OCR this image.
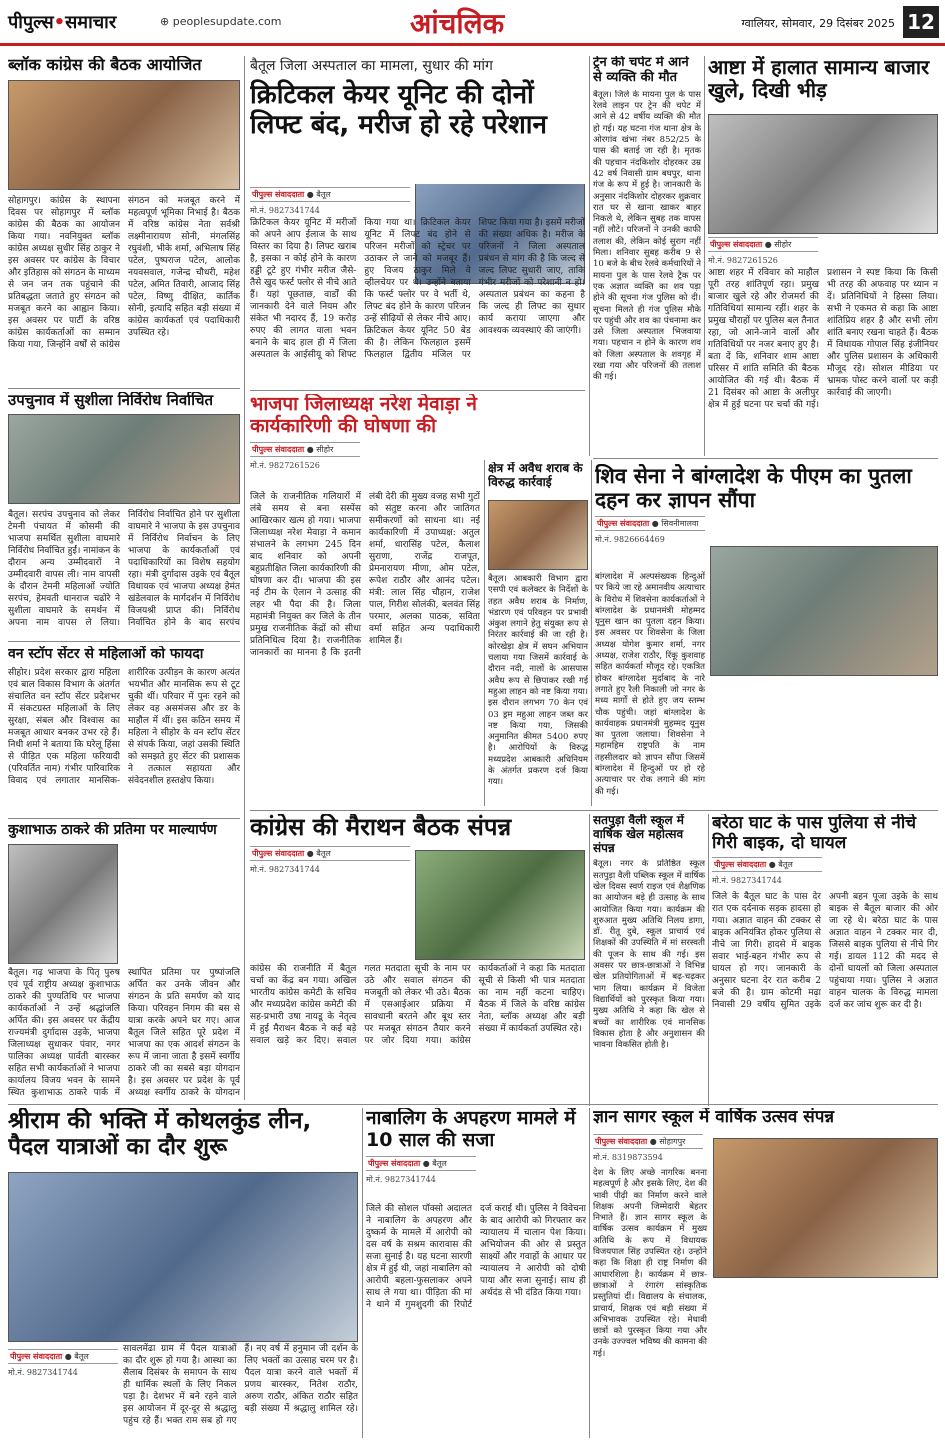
पीपुल्स•समाचार	⊕ peoplesupdate.com	आंचलिक	ग्वालियर, सोमवार, 29 दिसंबर 2025 12
ब्लॉक कांग्रेस की बैठक आयोजित
सोहागपुर। कांग्रेस के स्थापना दिवस पर सोहागपुर में ब्लॉक कांग्रेस की बैठक का आयोजन किया गया। नवनियुक्त ब्लॉक कांग्रेस अध्यक्ष सुधीर सिंह ठाकुर ने इस अवसर पर कांग्रेस के विचार और इतिहास को संगठन के माध्यम से जन जन तक पहुंचाने की प्रतिबद्धता जताते हुए संगठन को मजबूत करने का आह्वान किया। इस अवसर पर पार्टी के वरिष्ठ कांग्रेस कार्यकर्ताओं का सम्मान किया गया, जिन्होंने वर्षों से कांग्रेस संगठन को मजबूत करने में महत्वपूर्ण भूमिका निभाई है। बैठक में वरिष्ठ कांग्रेस नेता सर्वश्री लक्ष्मीनारायण सोनी, मंगलसिंह रघुवंशी, भीके शर्मा, अभिलाष सिंह पटेल, पुष्पराज पटेल, आलोक नयवसवाल, गजेन्द्र चौधरी, महेश पटेल, अमित तिवारी, आजाद सिंह पटेल, विष्णु दीक्षित, कार्तिक सोनी, इत्यादि सहित बड़ी संख्या में कांग्रेस कार्यकर्ता एवं पदाधिकारी उपस्थित रहे।
उपचुनाव में सुशीला निर्विरोध निर्वाचित
बैतूल। सरपंच उपचुनाव को लेकर टेमनी पंचायत में कोसमी की भाजपा समर्थित सुशीला वाघमारे निर्विरोध निर्वाचित हुईं। नामांकन के दौरान अन्य उम्मीदवारों ने उम्मीदवारी वापस ली। नाम वापसी के दौरान टेमनी महिलाओं ज्योति सरपंच, हेमवती धानराज चढोरे ने सुशीला वाघमारे के समर्थन में अपना नाम वापस ले लिया। निर्विरोध निर्वाचित होने पर सुशीला वाघमारे ने भाजपा के इस उपचुनाव में निर्विरोध निर्वाचन के लिए भाजपा के कार्यकर्ताओं एवं पदाधिकारियों का विशेष सहयोग रहा। मंत्री दुर्गादास उइके एवं बैतूल विधायक एवं भाजपा अध्यक्ष हेमंत खंडेलवाल के मार्गदर्शन में निर्विरोध विजयश्री प्राप्त की। निर्विरोध निर्वाचित होने के बाद सरपंच
वन स्टॉप सेंटर से महिलाओं को फायदा
सीहोर। प्रदेश सरकार द्वारा महिला एवं बाल विकास विभाग के अंतर्गत संचालित वन स्टॉप सेंटर प्रदेशभर में संकटग्रस्त महिलाओं के लिए सुरक्षा, संबल और विश्वास का मजबूत आधार बनकर उभर रहे हैं। निधी शर्मा ने बताया कि घरेलू हिंसा से पीड़ित एक महिला फरियादी (परिवर्तित नाम) गंभीर पारिवारिक विवाद एवं लगातार मानसिक-शारीरिक उत्पीड़न के कारण अत्यंत भयभीत और मानसिक रूप से टूट चुकी थीं। परिवार में पुनः रहने को लेकर वह असमंजस और डर के माहौल में थीं। इस कठिन समय में महिला ने सीहोर के वन स्टॉप सेंटर से संपर्क किया, जहां उसकी स्थिति को समझते हुए सेंटर की प्रशासक ने तत्काल सहायता और संवेदनशील हस्तक्षेप किया।
कुशाभाऊ ठाकरे की प्रतिमा पर माल्यार्पण
बैतूल। गढ़ भाजपा के पितृ पुरुष एवं पूर्व राष्ट्रीय अध्यक्ष कुशाभाऊ ठाकरे की पुण्यतिथि पर भाजपा कार्यकर्ताओं ने उन्हें श्रद्धांजलि अर्पित की। इस अवसर पर केंद्रीय राज्यमंत्री दुर्गादास उइके, भाजपा जिलाध्यक्ष सुधाकर पंवार, नगर पालिका अध्यक्ष पार्वती बारस्कर सहित सभी कार्यकर्ताओं ने भाजपा कार्यालय विजय भवन के सामने स्थित कुशाभाऊ ठाकरे पार्क में स्थापित प्रतिमा पर पुष्पांजलि अर्पित कर उनके जीवन और संगठन के प्रति समर्पण को याद किया। परिवहन निगम की बस से यात्रा करके अपने घर गए। आज बैतूल जिले सहित पूरे प्रदेश में भाजपा का एक आदर्श संगठन के रूप में जाना जाता है इसमें स्वर्गीय ठाकरे जी का सबसे बड़ा योगदान है। इस अवसर पर प्रदेश के पूर्व अध्यक्ष स्वर्गीय ठाकरे के योगदान
बैतूल जिला अस्पताल का मामला, सुधार की मांग
क्रिटिकल केयर यूनिट की दोनों लिफ्ट बंद, मरीज हो रहे परेशान
पीपुल्स संवाददाता ● बैतूल
मो.नं. 9827341744
क्रिटिकल केयर यूनिट में मरीजों को अपने आप ईलाज के साथ विस्तर का दिया है। लिफ्ट खराब है, इसका न कोई होने के कारण हड्डी टूटे हुए गंभीर मरीज जैसे-तैसे खुद फर्स्ट फ्लोर से नीचे आते हैं। यहां पूछताछ, वार्डों की जानकारी देने वाले नियम और संकेत भी नदारद हैं, 19 करोड़ रुपए की लागत वाला भवन बनाने के बाद हाल ही में जिला अस्पताल के आईसीयू को शिफ्ट किया गया था। क्रिटिकल केयर यूनिट में लिफ्ट बंद होने से परिजन मरीजों को स्ट्रेचर पर उठाकर ले जाने को मजबूर हैं। हुए विजय ठाकुर मिले वे व्हीलचेयर पर थे। उन्होंने बताया कि फर्स्ट फ्लोर पर वे भर्ती थे, लिफ्ट बंद होने के कारण परिजन उन्हें सीढ़ियों से लेकर नीचे आए। क्रिटिकल केयर यूनिट 50 बेड की है। लेकिन फिलहाल इसमें फिलहाल द्वितीय मंजिल पर शिफ्ट किया गया है। इसमें मरीजों की संख्या अधिक है। मरीज के परिजनों ने जिला अस्पताल प्रबंधन से मांग की है कि जल्द से जल्द लिफ्ट सुधारी जाए, ताकि गंभीर मरीजों को परेशानी न हो। अस्पताल प्रबंधन का कहना है कि जल्द ही लिफ्ट का सुधार कार्य कराया जाएगा और आवश्यक व्यवस्थाएं की जाएंगी।
ट्रेन की चपेट में आने से व्यक्ति की मौत
बैतूल। जिले के मायना पुल के पास रेलवे लाइन पर ट्रेन की चपेट में आने से 42 वर्षीय व्यक्ति की मौत हो गई। यह घटना गंज थाना क्षेत्र के ओरगांव खंभा नंबर 852/25 के पास की बताई जा रही है। मृतक की पहचान नंदकिशोर दोहरकर उम्र 42 वर्ष निवासी ग्राम बघपुर, थाना गंज के रूप में हुई है। जानकारी के अनुसार नंदकिशोर दोहरकर शुक्रवार रात घर से खाना खाकर बाहर निकले थे, लेकिन सुबह तक वापस नहीं लौटे। परिजनों ने उनकी काफी तलाश की, लेकिन कोई सुराग नहीं मिला। शनिवार सुबह करीब 9 से 10 बजे के बीच रेलवे कर्मचारियों ने मायना पुल के पास रेलवे ट्रैक पर एक अज्ञात व्यक्ति का शव पड़ा होने की सूचना गंज पुलिस को दी। सूचना मिलते ही गंज पुलिस मौके पर पहुंची और शव का पंचनामा कर उसे जिला अस्पताल भिजवाया गया। पहचान न होने के कारण शव को जिला अस्पताल के शवगृह में रखा गया और परिजनों की तलाश की गई।
आष्टा में हालात सामान्य बाजार खुले, दिखी भीड़
पीपुल्स संवाददाता ● सीहोर
मो.नं. 9827261526
आष्टा शहर में रविवार को माहौल पूरी तरह शांतिपूर्ण रहा। प्रमुख बाजार खुले रहे और रोजमर्रा की गतिविधियां सामान्य रहीं। शहर के प्रमुख चौराहों पर पुलिस बल तैनात रहा, जो आने-जाने वालों और गतिविधियों पर नजर बनाए हुए है। बता दें कि, शनिवार शाम आष्टा परिसर में शांति समिति की बैठक आयोजित की गई थी। बैठक में 21 दिसंबर को आष्टा के अलीपुर क्षेत्र में हुई घटना पर चर्चा की गई। प्रशासन ने स्पष्ट किया कि किसी भी तरह की अफवाह पर ध्यान न दें। प्रतिनिधियों ने हिस्सा लिया। सभी ने एकमत से कहा कि आष्टा शांतिप्रिय शहर है और सभी लोग शांति बनाए रखना चाहते हैं। बैठक में विधायक गोपाल सिंह इंजीनियर और पुलिस प्रशासन के अधिकारी मौजूद रहे। सोशल मीडिया पर भ्रामक पोस्ट करने वालों पर कड़ी कार्रवाई की जाएगी।
भाजपा जिलाध्यक्ष नरेश मेवाड़ा ने कार्यकारिणी की घोषणा की
पीपुल्स संवाददाता ● सीहोर
मो.नं. 9827261526
जिले के राजनीतिक गलियारों में लंबे समय से बना सस्पेंस आखिरकार खत्म हो गया। भाजपा जिलाध्यक्ष नरेश मेवाड़ा ने कमान संभालने के लगभग 245 दिन बाद शनिवार को अपनी बहुप्रतीक्षित जिला कार्यकारिणी की घोषणा कर दी। भाजपा की इस नई टीम के ऐलान ने उत्साह की लहर भी पैदा की है। जिला महामंत्री नियुक्त कर जिले के तीन प्रमुख राजनीतिक केंद्रों को सीधा प्रतिनिधित्व दिया है। राजनीतिक जानकारों का मानना है कि इतनी लंबी देरी की मुख्य वजह सभी गुटों को संतुष्ट करना और जातिगत समीकरणों को साधना था। नई कार्यकारिणी में उपाध्यक्ष: अतुल शर्मा, धारासिंह पटेल, कैलाश सुराणा, राजेंद्र राजपूत, प्रेमनारायण मीणा, ओम पटेल, रूपेश राठौर और आनंद पटेल। मंत्री: लाल सिंह चौहान, राजेश पाल, गिरीश सोलंकी, बलवंत सिंह परमार, अलका पाठक, सविता वर्मा सहित अन्य पदाधिकारी शामिल हैं।
क्षेत्र में अवैध शराब के विरुद्ध कार्रवाई
बैतूल। आबकारी विभाग द्वारा एसपी एवं कलेक्टर के निर्देशों के तहत अवैध शराब के निर्माण, भंडारण एवं परिवहन पर प्रभावी अंकुश लगाने हेतु संयुक्त रूप से निरंतर कार्रवाई की जा रही है। कोरखेड़ा क्षेत्र में सघन अभियान चलाया गया जिसमें कार्रवाई के दौरान नदी, नालों के आसपास अवैध रूप से छिपाकर रखी गई महुआ लाहन को नष्ट किया गया। इस दौरान लगभग 70 केन एवं 03 ड्रम महुआ लाहन जब्त कर नष्ट किया गया, जिसकी अनुमानित कीमत 5400 रुपए है। आरोपियों के विरुद्ध मध्यप्रदेश आबकारी अधिनियम के अंतर्गत प्रकरण दर्ज किया गया।
शिव सेना ने बांग्लादेश के पीएम का पुतला दहन कर ज्ञापन सौंपा
पीपुल्स संवाददाता ● सिवनीमालवा
मो.नं. 9826664469
बांग्लादेश में अल्पसंख्यक हिन्दुओं पर किये जा रहे अमानवीय अत्याचार के विरोध में शिवसेना कार्यकर्ताओं ने बांग्लादेश के प्रधानमंत्री मोहम्मद यूनुस खान का पुतला दहन किया। इस अवसर पर शिवसेना के जिला अध्यक्ष योगेश कुमार शर्मा, नगर अध्यक्ष, राजेश राठौर, रिंकू कुशवाह सहित कार्यकर्ता मौजूद रहे। एकत्रित होकर बांग्लादेश मुर्दाबाद के नारे लगाते हुए रैली निकाली जो नगर के मध्य मार्गों से होते हुए जय स्तम्भ चौक पहुंची। जहां बांग्लादेश के कार्यवाहक प्रधानमंत्री मुहम्मद यूनुस का पुतला जलाया। शिवसेना ने महामहिम राष्ट्रपति के नाम तहसीलदार को ज्ञापन सौंपा जिसमें बांग्लादेश में हिन्दुओं पर हो रहे अत्याचार पर रोक लगाने की मांग की गई।
कांग्रेस की मैराथन बैठक संपन्न
पीपुल्स संवाददाता ● बैतूल
मो.नं. 9827341744
कांग्रेस की राजनीति में बैतूल चर्चा का केंद्र बन गया। अखिल भारतीय कांग्रेस कमेटी के सचिव और मध्यप्रदेश कांग्रेस कमेटी की सह-प्रभारी उषा नायडू के नेतृत्व में हुई मैराथन बैठक ने कई बड़े सवाल खड़े कर दिए। सवाल गलत मतदाता सूची के नाम पर उठे और सवाल संगठन की मजबूती को लेकर भी उठे। बैठक में एसआईआर प्रक्रिया में सावधानी बरतने और बूथ स्तर पर मजबूत संगठन तैयार करने पर जोर दिया गया। कांग्रेस कार्यकर्ताओं ने कहा कि मतदाता सूची से किसी भी पात्र मतदाता का नाम नहीं कटना चाहिए। बैठक में जिले के वरिष्ठ कांग्रेस नेता, ब्लॉक अध्यक्ष और बड़ी संख्या में कार्यकर्ता उपस्थित रहे।
सतपुड़ा वैली स्कूल में वार्षिक खेल महोत्सव संपन्न
बैतूल। नगर के प्रतिष्ठित स्कूल सतपुड़ा वैली पब्लिक स्कूल में वार्षिक खेल दिवस स्वर्ण राइज एवं शैक्षणिक का आयोजन बड़े ही उत्साह के साथ आयोजित किया गया। कार्यक्रम की शुरुआत मुख्य अतिथि निलय डागा, डॉ. रीतू दुबे, स्कूल प्राचार्य एवं शिक्षकों की उपस्थिति में मां सरस्वती की पूजन के साथ की गई। इस अवसर पर छात्र-छात्राओं ने विभिन्न खेल प्रतियोगिताओं में बढ़-चढ़कर भाग लिया। कार्यक्रम में विजेता विद्यार्थियों को पुरस्कृत किया गया। मुख्य अतिथि ने कहा कि खेल से बच्चों का शारीरिक एवं मानसिक विकास होता है और अनुशासन की भावना विकसित होती है।
बरेठा घाट के पास पुलिया से नीचे गिरी बाइक, दो घायल
पीपुल्स संवाददाता ● बैतूल
मो.नं. 9827341744
जिले के बैतूल घाट के पास देर रात एक दर्दनाक सड़क हादसा हो गया। अज्ञात वाहन की टक्कर से बाइक अनियंत्रित होकर पुलिया से नीचे जा गिरी। हादसे में बाइक सवार भाई-बहन गंभीर रूप से घायल हो गए। जानकारी के अनुसार घटना देर रात करीब 2 बजे की है। ग्राम कोटमी मढ़ा निवासी 29 वर्षीय सुमित उइके अपनी बहन पूजा उइके के साथ बाइक से बैतूल बाजार की ओर जा रहे थे। बरेठा घाट के पास अज्ञात वाहन ने टक्कर मार दी, जिससे बाइक पुलिया से नीचे गिर गई। डायल 112 की मदद से दोनों घायलों को जिला अस्पताल पहुंचाया गया। पुलिस ने अज्ञात वाहन चालक के विरुद्ध मामला दर्ज कर जांच शुरू कर दी है।
श्रीराम की भक्ति में कोथलकुंड लीन, पैदल यात्राओं का दौर शुरू
पीपुल्स संवाददाता ● बैतूल
मो.नं. 9827341744
सावलमेंढा ग्राम में पैदल यात्राओं का दौर शुरू हो गया है। आस्था का सैलाब दिसंबर के समापन के साथ ही धार्मिक स्थलों के लिए निकल पड़ा है। देशभर में बने रहने वाले इस आयोजन में दूर-दूर से श्रद्धालु पहुंच रहे हैं। भक्त राम सब हो गए हैं। नए वर्ष में हनुमान जी दर्शन के लिए भक्तों का उत्साह चरम पर है। पैदल यात्रा करने वाले भक्तों में प्रणय बारस्कर, नितेश राठौर, अरुण राठौर, अंकित राठौर सहित बड़ी संख्या में श्रद्धालु शामिल रहे।
नाबालिग के अपहरण मामले में 10 साल की सजा
पीपुल्स संवाददाता ● बैतूल
मो.नं. 9827341744
जिले की सोशल पॉक्सो अदालत ने नाबालिग के अपहरण और दुष्कर्म के मामले में आरोपी को दस वर्ष के सश्रम कारावास की सजा सुनाई है। यह घटना सारणी क्षेत्र में हुई थी, जहां नाबालिग को आरोपी बहला-फुसलाकर अपने साथ ले गया था। पीड़िता की मां ने थाने में गुमशुदगी की रिपोर्ट दर्ज कराई थी। पुलिस ने विवेचना के बाद आरोपी को गिरफ्तार कर न्यायालय में चालान पेश किया। अभियोजन की ओर से प्रस्तुत साक्ष्यों और गवाहों के आधार पर न्यायालय ने आरोपी को दोषी पाया और सजा सुनाई। साथ ही अर्थदंड से भी दंडित किया गया।
ज्ञान सागर स्कूल में वार्षिक उत्सव संपन्न
पीपुल्स संवाददाता ● सोहागपुर
मो.नं. 8319873594
देश के लिए अच्छे नागरिक बनना महत्वपूर्ण है और इसके लिए, देश की भावी पीढ़ी का निर्माण करने वाले शिक्षक अपनी जिम्मेदारी बेहतर निभाते हैं। ज्ञान सागर स्कूल के वार्षिक उत्सव कार्यक्रम में मुख्य अतिथि के रूप में विधायक विजयपाल सिंह उपस्थित रहे। उन्होंने कहा कि शिक्षा ही राष्ट्र निर्माण की आधारशिला है। कार्यक्रम में छात्र-छात्राओं ने रंगारंग सांस्कृतिक प्रस्तुतियां दीं। विद्यालय के संचालक, प्राचार्य, शिक्षक एवं बड़ी संख्या में अभिभावक उपस्थित रहे। मेधावी छात्रों को पुरस्कृत किया गया और उनके उज्ज्वल भविष्य की कामना की गई।
